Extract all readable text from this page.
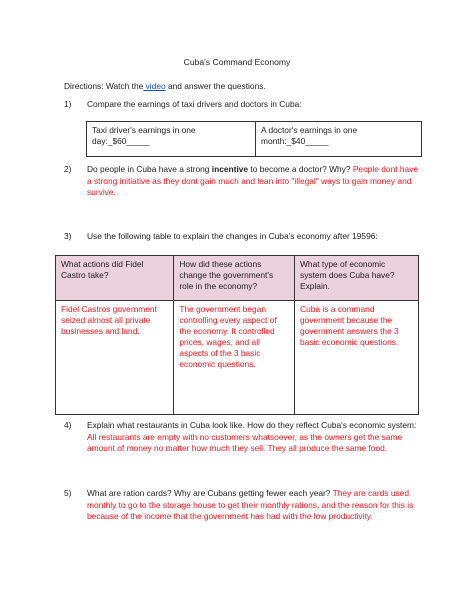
Cuba's Command Economy
Directions: Watch the video and answer the questions.
1) Compare the earnings of taxi drivers and doctors in Cuba:
Taxi driver's earnings in one
day:_$60_____

A doctor's earnings in one
month:_$40_____
2) Do people in Cuba have a strong incentive to become a doctor? Why? People dont have a strong initiative as they dont gain much and lean into "illegal" ways to gain money and survive.
3) Use the following table to explain the changes in Cuba's economy after 19596:
What actions did Fidel Castro take?	How did these actions change the government's role in the economy?	What type of economic system does Cuba have? Explain.
Fidel Castros government seized almost all private businesses and land.	The government began controlling every aspect of the economy. It controlled prices, wages, and all aspects of the 3 basic economic questions.	Cuba is a command government because the government answers the 3 basic economic questions.
4) Explain what restaurants in Cuba look like. How do they reflect Cuba's economic system: All restaurants are empty with no customers whatsoever, as the owners get the same amount of money no matter how much they sell. They all produce the same food.
5) What are ration cards? Why are Cubans getting fewer each year? They are cards used monthly to go to the storage house to get their monthly rations, and the reason for this is because of the income that the government has had with the low productivity.
